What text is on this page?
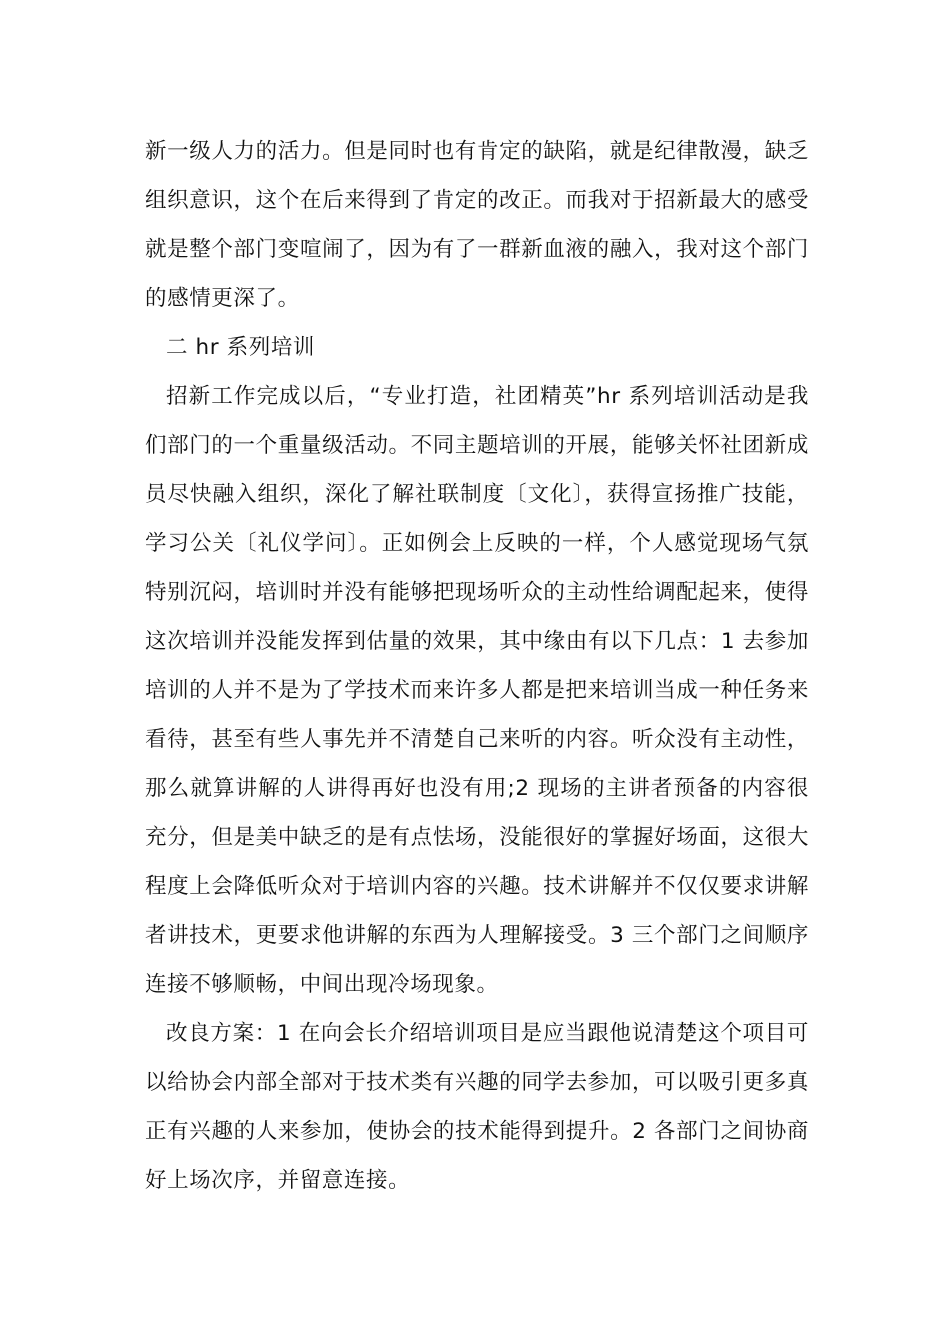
新一级人力的活力。但是同时也有肯定的缺陷，就是纪律散漫，缺乏组织意识，这个在后来得到了肯定的改正。而我对于招新最大的感受就是整个部门变喧闹了，因为有了一群新血液的融入，我对这个部门的感情更深了。

二 hr 系列培训

招新工作完成以后，“专业打造，社团精英”hr 系列培训活动是我们部门的一个重量级活动。不同主题培训的开展，能够关怀社团新成员尽快融入组织，深化了解社联制度〔文化〕，获得宣扬推广技能，学习公关〔礼仪学问〕。正如例会上反映的一样，个人感觉现场气氛特别沉闷，培训时并没有能够把现场听众的主动性给调配起来，使得这次培训并没能发挥到估量的效果，其中缘由有以下几点：1 去参加培训的人并不是为了学技术而来许多人都是把来培训当成一种任务来看待，甚至有些人事先并不清楚自己来听的内容。听众没有主动性，那么就算讲解的人讲得再好也没有用;2 现场的主讲者预备的内容很充分，但是美中缺乏的是有点怯场，没能很好的掌握好场面，这很大程度上会降低听众对于培训内容的兴趣。技术讲解并不仅仅要求讲解者讲技术，更要求他讲解的东西为人理解接受。3 三个部门之间顺序连接不够顺畅，中间出现冷场现象。

改良方案：1 在向会长介绍培训项目是应当跟他说清楚这个项目可以给协会内部全部对于技术类有兴趣的同学去参加，可以吸引更多真正有兴趣的人来参加，使协会的技术能得到提升。2 各部门之间协商好上场次序，并留意连接。
